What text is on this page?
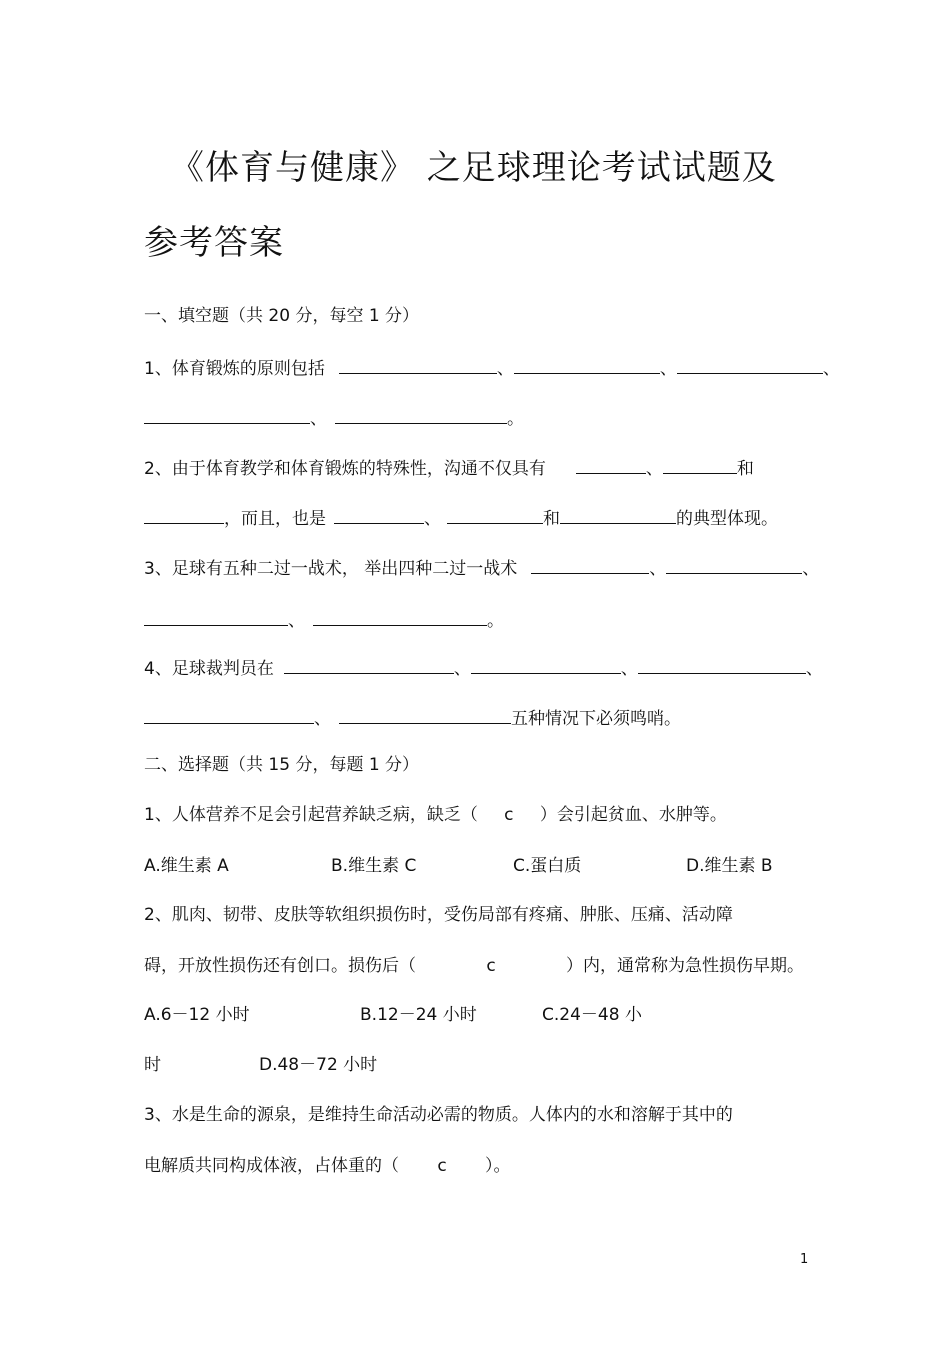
《体育与健康》 之足球理论考试试题及
参考答案
一、填空题（共 20 分，每空 1 分）
1、体育锻炼的原则包括	、	、	、
、	。
2、由于体育教学和体育锻炼的特殊性，沟通不仅具有	、	和
，而且，也是	、	和	的典型体现。
3、足球有五种二过一战术， 举出四种二过一战术	、	、
、	。
4、足球裁判员在	、	、	、
、	五种情况下必须鸣哨。
二、选择题（共 15 分，每题 1 分）
1、人体营养不足会引起营养缺乏病，缺乏（ c ）会引起贫血、水肿等。
A.维生素 A	B.维生素 C	C.蛋白质	D.维生素 B
2、肌肉、韧带、皮肤等软组织损伤时，受伤局部有疼痛、肿胀、压痛、活动障
碍，开放性损伤还有创口。损伤后（	c	）内，通常称为急性损伤早期。
A.6－12 小时	B.12－24 小时	C.24－48 小
时	D.48－72 小时
3、水是生命的源泉，是维持生命活动必需的物质。人体内的水和溶解于其中的
电解质共同构成体液，占体重的（ c ）。
1
